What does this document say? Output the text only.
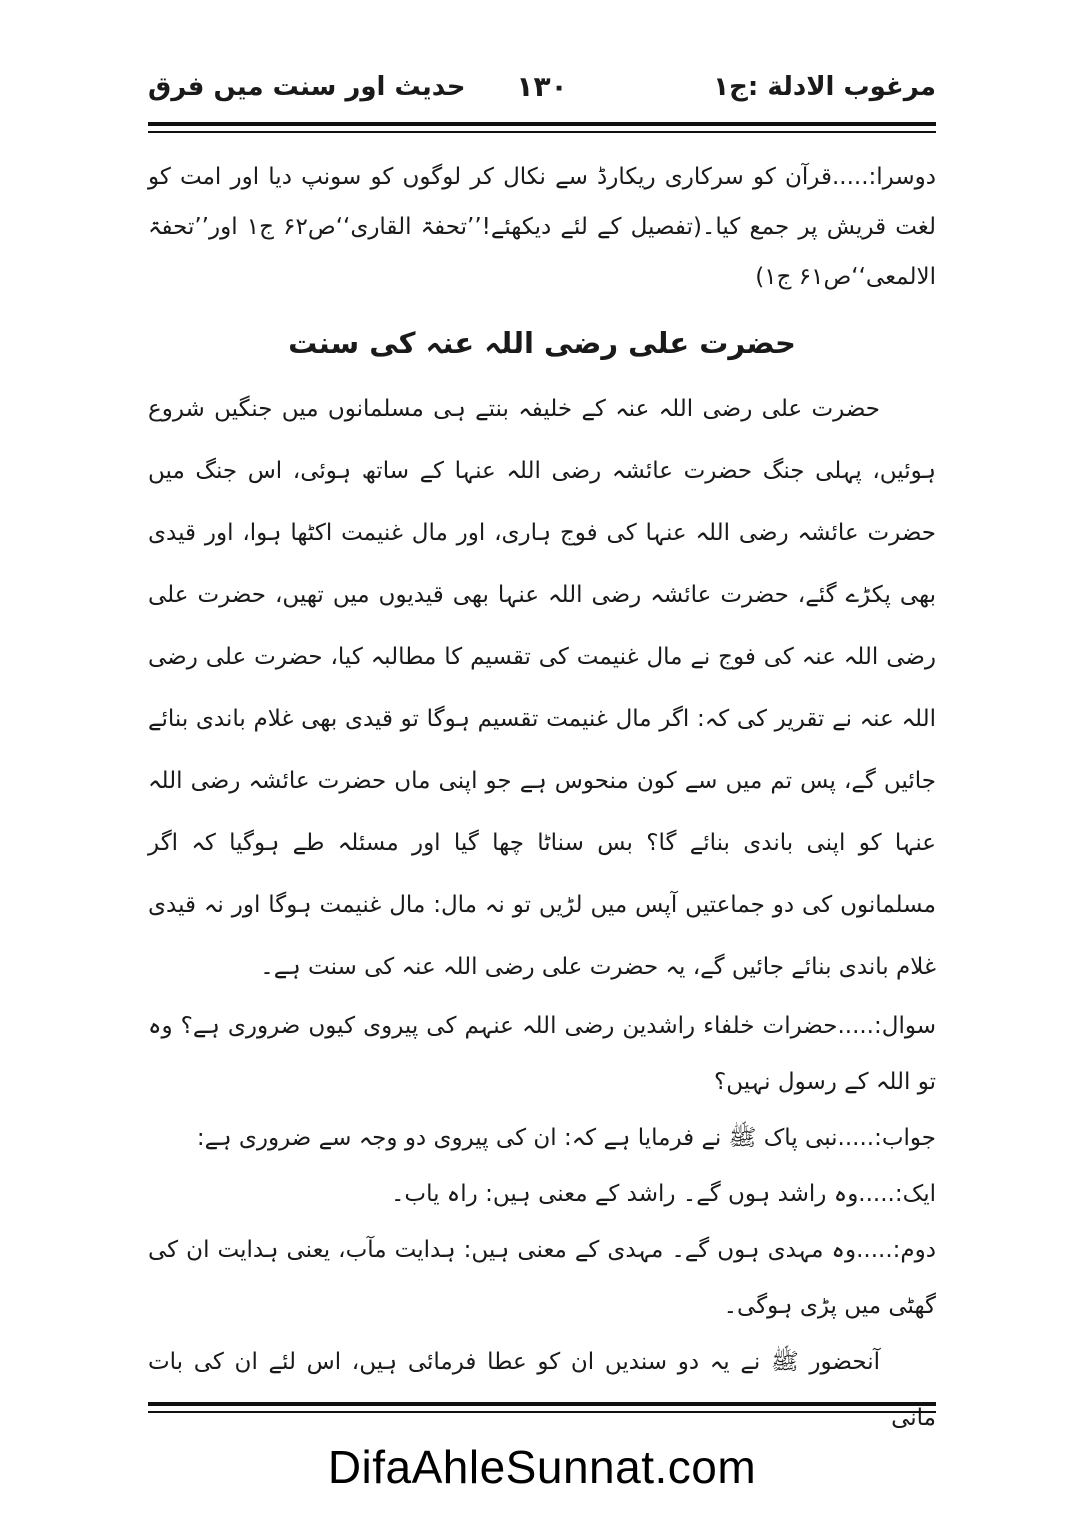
مرغوب الادلة :ج۱
۱۳۰
حدیث اور سنت میں فرق

دوسرا:.....قرآن کو سرکاری ریکارڈ سے نکال کر لوگوں کو سونپ دیا اور امت کو لغت قریش پر جمع کیا۔(تفصیل کے لئے دیکھئے!’’تحفۃ القاری‘‘ص۶۲ ج۱ اور’’تحفۃ الالمعی‘‘ص۶۱ ج۱)

حضرت علی رضی اللہ عنہ کی سنت

حضرت علی رضی اللہ عنہ کے خلیفہ بنتے ہی مسلمانوں میں جنگیں شروع ہوئیں، پہلی جنگ حضرت عائشہ رضی اللہ عنہا کے ساتھ ہوئی، اس جنگ میں حضرت عائشہ رضی اللہ عنہا کی فوج ہاری، اور مال غنیمت اکٹھا ہوا، اور قیدی بھی پکڑے گئے، حضرت عائشہ رضی اللہ عنہا بھی قیدیوں میں تھیں، حضرت علی رضی اللہ عنہ کی فوج نے مال غنیمت کی تقسیم کا مطالبہ کیا، حضرت علی رضی اللہ عنہ نے تقریر کی کہ: اگر مال غنیمت تقسیم ہوگا تو قیدی بھی غلام باندی بنائے جائیں گے، پس تم میں سے کون منحوس ہے جو اپنی ماں حضرت عائشہ رضی اللہ عنہا کو اپنی باندی بنائے گا؟ بس سناٹا چھا گیا اور مسئلہ طے ہوگیا کہ اگر مسلمانوں کی دو جماعتیں آپس میں لڑیں تو نہ مال: مال غنیمت ہوگا اور نہ قیدی غلام باندی بنائے جائیں گے، یہ حضرت علی رضی اللہ عنہ کی سنت ہے۔

سوال:.....حضرات خلفاء راشدین رضی اللہ عنہم کی پیروی کیوں ضروری ہے؟ وہ تو اللہ کے رسول نہیں؟

جواب:.....نبی پاک ﷺ نے فرمایا ہے کہ: ان کی پیروی دو وجہ سے ضروری ہے:

ایک:.....وہ راشد ہوں گے۔ راشد کے معنی ہیں: راہ یاب۔

دوم:.....وہ مہدی ہوں گے۔ مہدی کے معنی ہیں: ہدایت مآب، یعنی ہدایت ان کی گھٹی میں پڑی ہوگی۔

آنحضور ﷺ نے یہ دو سندیں ان کو عطا فرمائی ہیں، اس لئے ان کی بات مانی

DifaAhleSunnat.com
